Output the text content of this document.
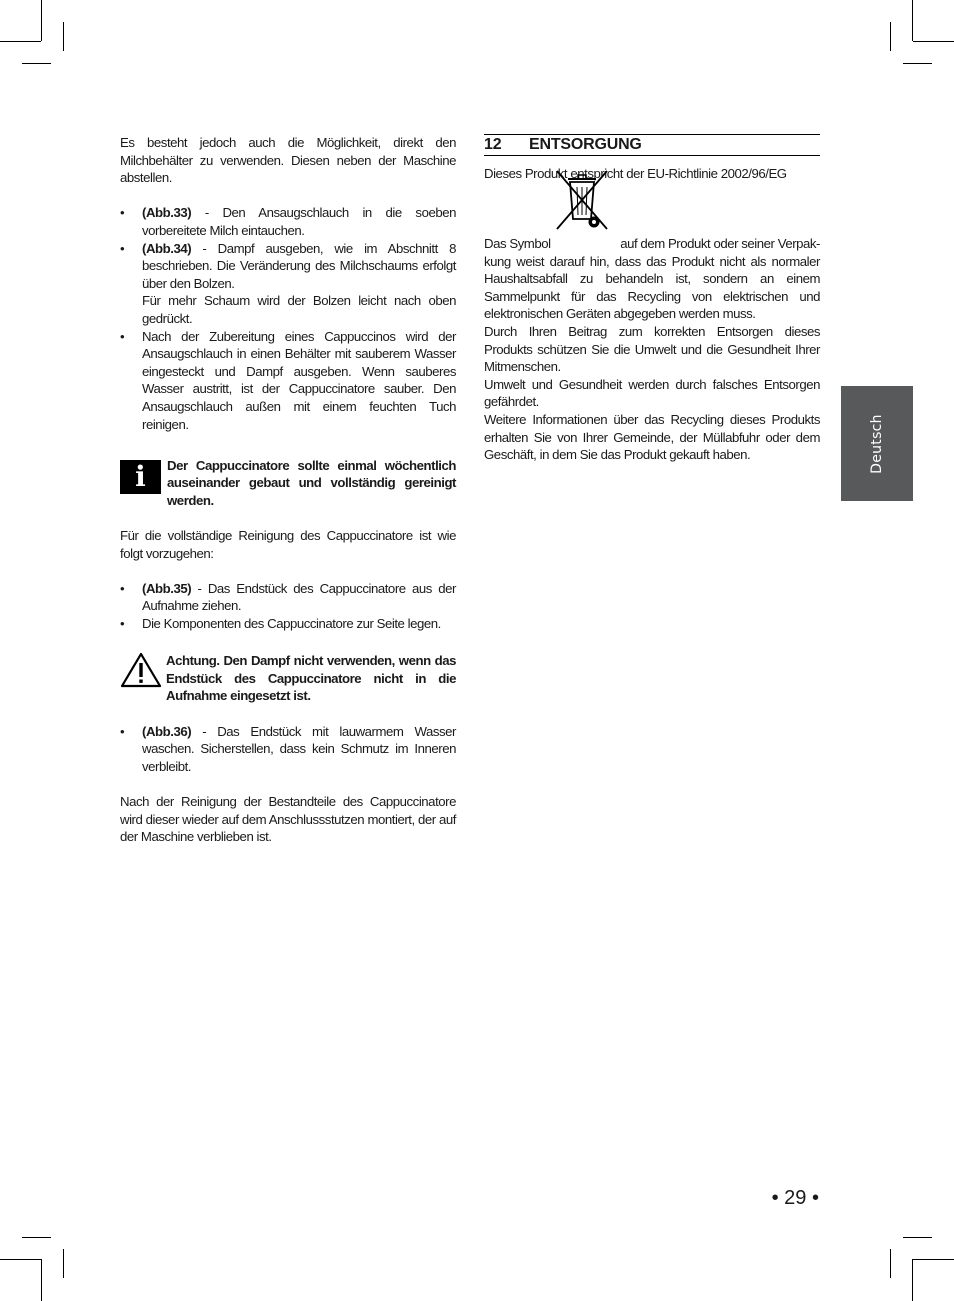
Es besteht jedoch auch die Möglichkeit, direkt den Milchbehälter zu verwenden. Diesen neben der Maschine abstellen.

• (Abb.33) - Den Ansaugschlauch in die soeben vorbereitete Milch eintauchen.
• (Abb.34) - Dampf ausgeben, wie im Abschnitt 8 beschrieben. Die Veränderung des Milchschaums erfolgt über den Bolzen.
Für mehr Schaum wird der Bolzen leicht nach oben gedrückt.
• Nach der Zubereitung eines Cappuccinos wird der Ansaugschlauch in einen Behälter mit sauberem Wasser eingesteckt und Dampf ausgeben. Wenn sauberes Wasser austritt, ist der Cappuccinatore sauber. Den Ansaugschlauch außen mit einem feuchten Tuch reinigen.
i Der Cappuccinatore sollte einmal wöchentlich auseinander gebaut und vollständig gereinigt werden.

Für die vollständige Reinigung des Cappuccinatore ist wie folgt vorzugehen:

• (Abb.35) - Das Endstück des Cappuccinatore aus der Aufnahme ziehen.
• Die Komponenten des Cappuccinatore zur Seite legen.
Achtung. Den Dampf nicht verwenden, wenn das Endstück des Cappuccinatore nicht in die Aufnahme eingesetzt ist.
• (Abb.36) - Das Endstück mit lauwarmem Wasser waschen. Sicherstellen, dass kein Schmutz im Inneren verbleibt.

Nach der Reinigung der Bestandteile des Cappuccinatore wird dieser wieder auf dem Anschlussstutzen montiert, der auf der Maschine verblieben ist.

12	ENTSORGUNG

Dieses Produkt entspricht der EU-Richtlinie 2002/96/EG

Das Symbol	auf dem Produkt oder seiner Verpak-

kung weist darauf hin, dass das Produkt nicht als normaler Haushaltsabfall zu behandeln ist, sondern an einem Sammelpunkt für das Recycling von elektrischen und elektronischen Geräten abgegeben werden muss.

Durch Ihren Beitrag zum korrekten Entsorgen dieses Produkts schützen Sie die Umwelt und die Gesundheit Ihrer Mitmenschen.

Umwelt und Gesundheit werden durch falsches Entsorgen gefährdet.

Weitere Informationen über das Recycling dieses Produkts erhalten Sie von Ihrer Gemeinde, der Müllabfuhr oder dem Geschäft, in dem Sie das Produkt gekauft haben.	Deutsch
• 29 •
